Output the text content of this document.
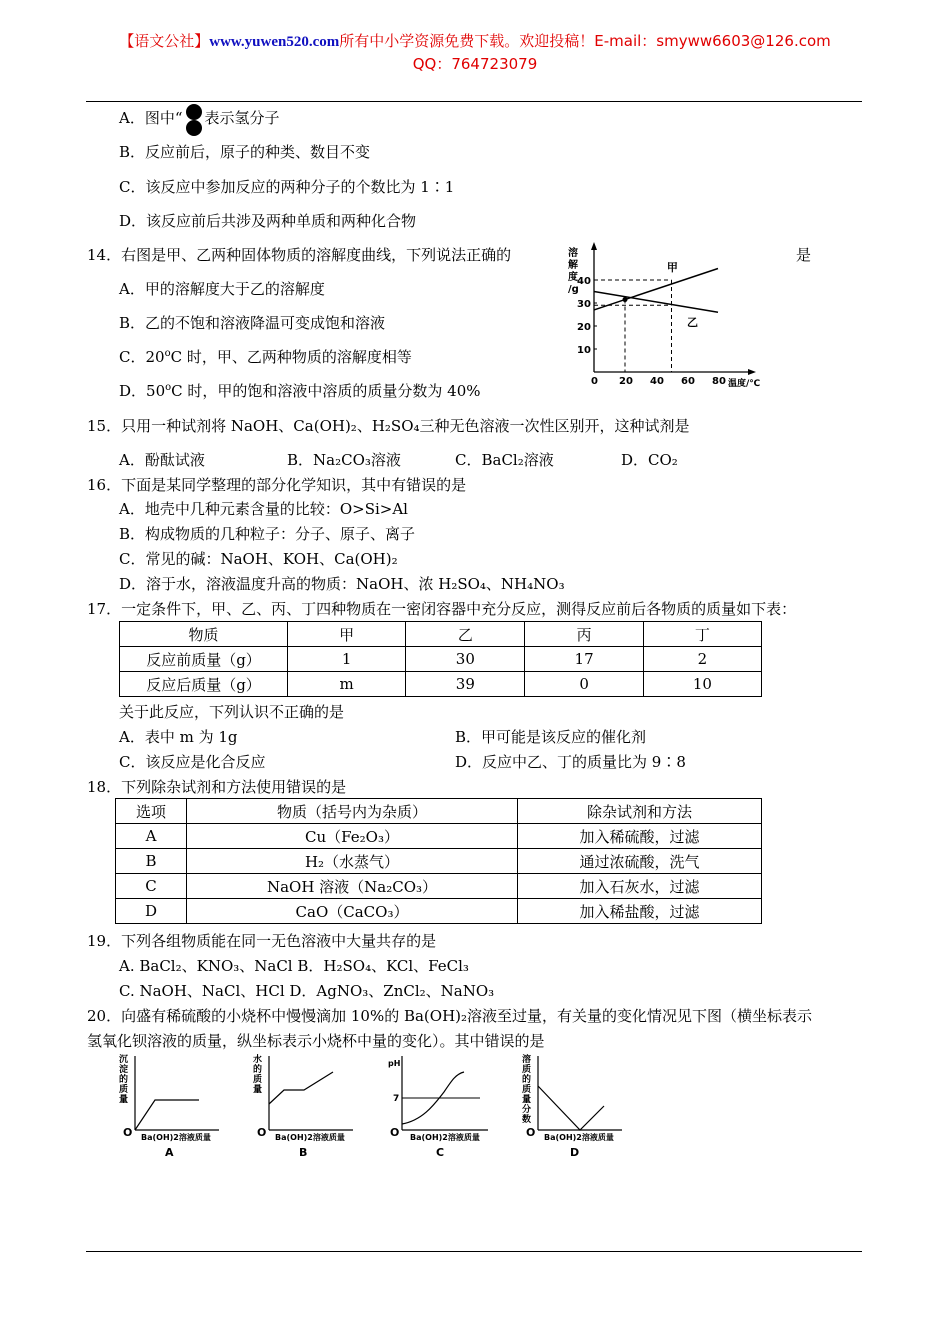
【语文公社】www.yuwen520.com所有中小学资源免费下载。欢迎投稿！E-mail：smyww6603@126.com
QQ：764723079
A．图中“ 表示氢分子
B．反应前后，原子的种类、数目不变
C．该反应中参加反应的两种分子的个数比为 1∶1
D．该反应前后共涉及两种单质和两种化合物
14．右图是甲、乙两种固体物质的溶解度曲线，下列说法正确的	是
A．甲的溶解度大于乙的溶解度
B．乙的不饱和溶液降温可变成饱和溶液
C．20$^o$C 时，甲、乙两种物质的溶解度相等
D．50$^o$C 时，甲的饱和溶液中溶质的质量分数为 40%
溶
解
度
/g
温度/℃
0 20 40 60 80
10
20
30
40
甲
乙
15．只用一种试剂将 NaOH、Ca(OH)₂、H₂SO₄三种无色溶液一次性区别开，这种试剂是
A．酚酞试液	B．Na₂CO₃溶液	C．BaCl₂溶液	D．CO₂
16．下面是某同学整理的部分化学知识，其中有错误的是
A．地壳中几种元素含量的比较：O>Si>Al
B．构成物质的几种粒子：分子、原子、离子
C．常见的碱：NaOH、KOH、Ca(OH)₂
D．溶于水，溶液温度升高的物质：NaOH、浓 H₂SO₄、NH₄NO₃
17．一定条件下，甲、乙、丙、丁四种物质在一密闭容器中充分反应，测得反应前后各物质的质量如下表：
物质	甲	乙	丙	丁
反应前质量（g）	1	30	17	2
反应后质量（g）	m	39	0	10
关于此反应，下列认识不正确的是
A．表中 m 为 1g	B．甲可能是该反应的催化剂
C．该反应是化合反应	D．反应中乙、丁的质量比为 9∶8
18．下列除杂试剂和方法使用错误的是
选项	物质（括号内为杂质）	除杂试剂和方法
A	Cu（Fe₂O₃）	加入稀硫酸，过滤
B	H₂（水蒸气）	通过浓硫酸，洗气
C	NaOH 溶液（Na₂CO₃）	加入石灰水，过滤
D	CaO（CaCO₃）	加入稀盐酸，过滤
19．下列各组物质能在同一无色溶液中大量共存的是
A. BaCl₂、KNO₃、NaCl B．H₂SO₄、KCl、FeCl₃
C. NaOH、NaCl、HCl D．AgNO₃、ZnCl₂、NaNO₃
20．向盛有稀硫酸的小烧杯中慢慢滴加 10%的 Ba(OH)₂溶液至过量，有关量的变化情况见下图（横坐标表示
氢氧化钡溶液的质量，纵坐标表示小烧杯中量的变化）。其中错误的是
沉淀的质量
O Ba(OH)2溶液质量
A
水的质量
O Ba(OH)2溶液质量
B
pH
7
O Ba(OH)2溶液质量
C
溶质的质量分数
O Ba(OH)2溶液质量
D
